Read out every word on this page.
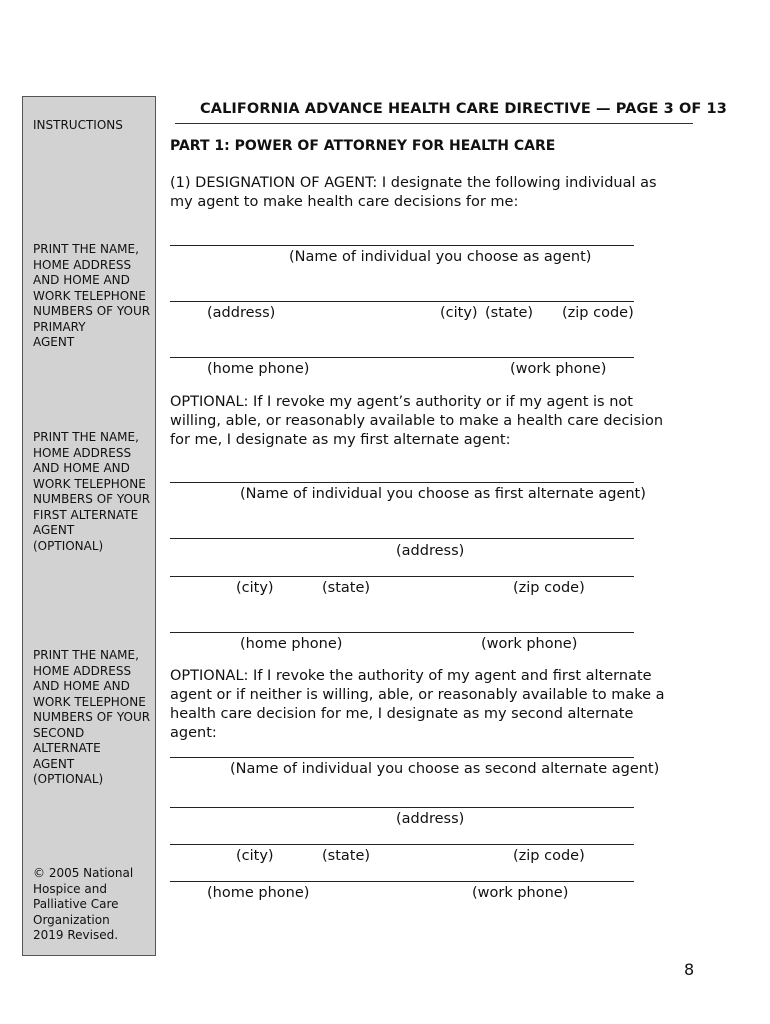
INSTRUCTIONS
PRINT THE NAME,
HOME ADDRESS
AND HOME AND
WORK TELEPHONE
NUMBERS OF YOUR
PRIMARY
AGENT
PRINT THE NAME,
HOME ADDRESS
AND HOME AND
WORK TELEPHONE
NUMBERS OF YOUR
FIRST ALTERNATE
AGENT
(OPTIONAL)
PRINT THE NAME,
HOME ADDRESS
AND HOME AND
WORK TELEPHONE
NUMBERS OF YOUR
SECOND
ALTERNATE
AGENT
(OPTIONAL)
© 2005 National
Hospice and
Palliative Care
Organization
2019 Revised.
CALIFORNIA ADVANCE HEALTH CARE DIRECTIVE — PAGE 3 OF 13
PART 1: POWER OF ATTORNEY FOR HEALTH CARE
(1) DESIGNATION OF AGENT: I designate the following individual as my agent to make health care decisions for me:
(Name of individual you choose as agent)
(address)	(city) (state) (zip code)
(home phone)	(work phone)
OPTIONAL: If I revoke my agent’s authority or if my agent is not willing, able, or reasonably available to make a health care decision for me, I designate as my first alternate agent:
(Name of individual you choose as first alternate agent)
(address)
(city)	(state)	(zip code)
(home phone)	(work phone)
OPTIONAL: If I revoke the authority of my agent and first alternate agent or if neither is willing, able, or reasonably available to make a health care decision for me, I designate as my second alternate agent:
(Name of individual you choose as second alternate agent)
(address)
(city)	(state)	(zip code)
(home phone)	(work phone)
8
